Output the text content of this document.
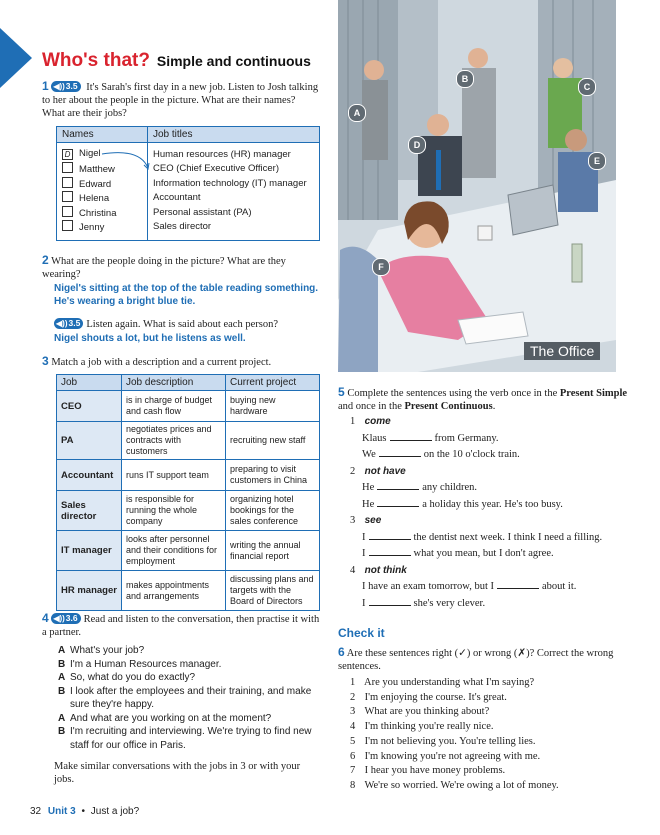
Who's that? Simple and continuous
1 ◀))3.5 It's Sarah's first day in a new job. Listen to Josh talking to her about the people in the picture. What are their names? What are their jobs?
Names	Job titles
D Nigel	Human resources (HR) manager
Matthew	CEO (Chief Executive Officer)
Edward	Information technology (IT) manager
Helena	Accountant
Christina	Personal assistant (PA)
Jenny	Sales director
2 What are the people doing in the picture? What are they wearing?
Nigel's sitting at the top of the table reading something. He's wearing a bright blue tie.
◀))3.5 Listen again. What is said about each person?
Nigel shouts a lot, but he listens as well.
3 Match a job with a description and a current project.
Job	Job description	Current project
CEO	is in charge of budget and cash flow	buying new hardware
PA	negotiates prices and contracts with customers	recruiting new staff
Accountant	runs IT support team	preparing to visit customers in China
Sales director	is responsible for running the whole company	organizing hotel bookings for the sales conference
IT manager	looks after personnel and their conditions for employment	writing the annual financial report
HR manager	makes appointments and arrangements	discussing plans and targets with the Board of Directors
4 ◀))3.6 Read and listen to the conversation, then practise it with a partner.
A What's your job?
B I'm a Human Resources manager.
A So, what do you do exactly?
B I look after the employees and their training, and make sure they're happy.
A And what are you working on at the moment?
B I'm recruiting and interviewing. We're trying to find new staff for our office in Paris.
Make similar conversations with the jobs in 3 or with your jobs.
32 Unit 3 • Just a job?
A
B
C
D
E
F
The Office
5 Complete the sentences using the verb once in the Present Simple and once in the Present Continuous.
1 come
Klaus	from Germany.
We	on the 10 o'clock train.
2 not have
He	any children.
He	a holiday this year. He's too busy.
3 see
I	the dentist next week. I think I need a filling.
I	what you mean, but I don't agree.
4 not think
I have an exam tomorrow, but I	about it.
I	she's very clever.
Check it
6 Are these sentences right (✓) or wrong (✗)? Correct the wrong sentences.
1 Are you understanding what I'm saying?
2 I'm enjoying the course. It's great.
3 What are you thinking about?
4 I'm thinking you're really nice.
5 I'm not believing you. You're telling lies.
6 I'm knowing you're not agreeing with me.
7 I hear you have money problems.
8 We're so worried. We're owing a lot of money.
